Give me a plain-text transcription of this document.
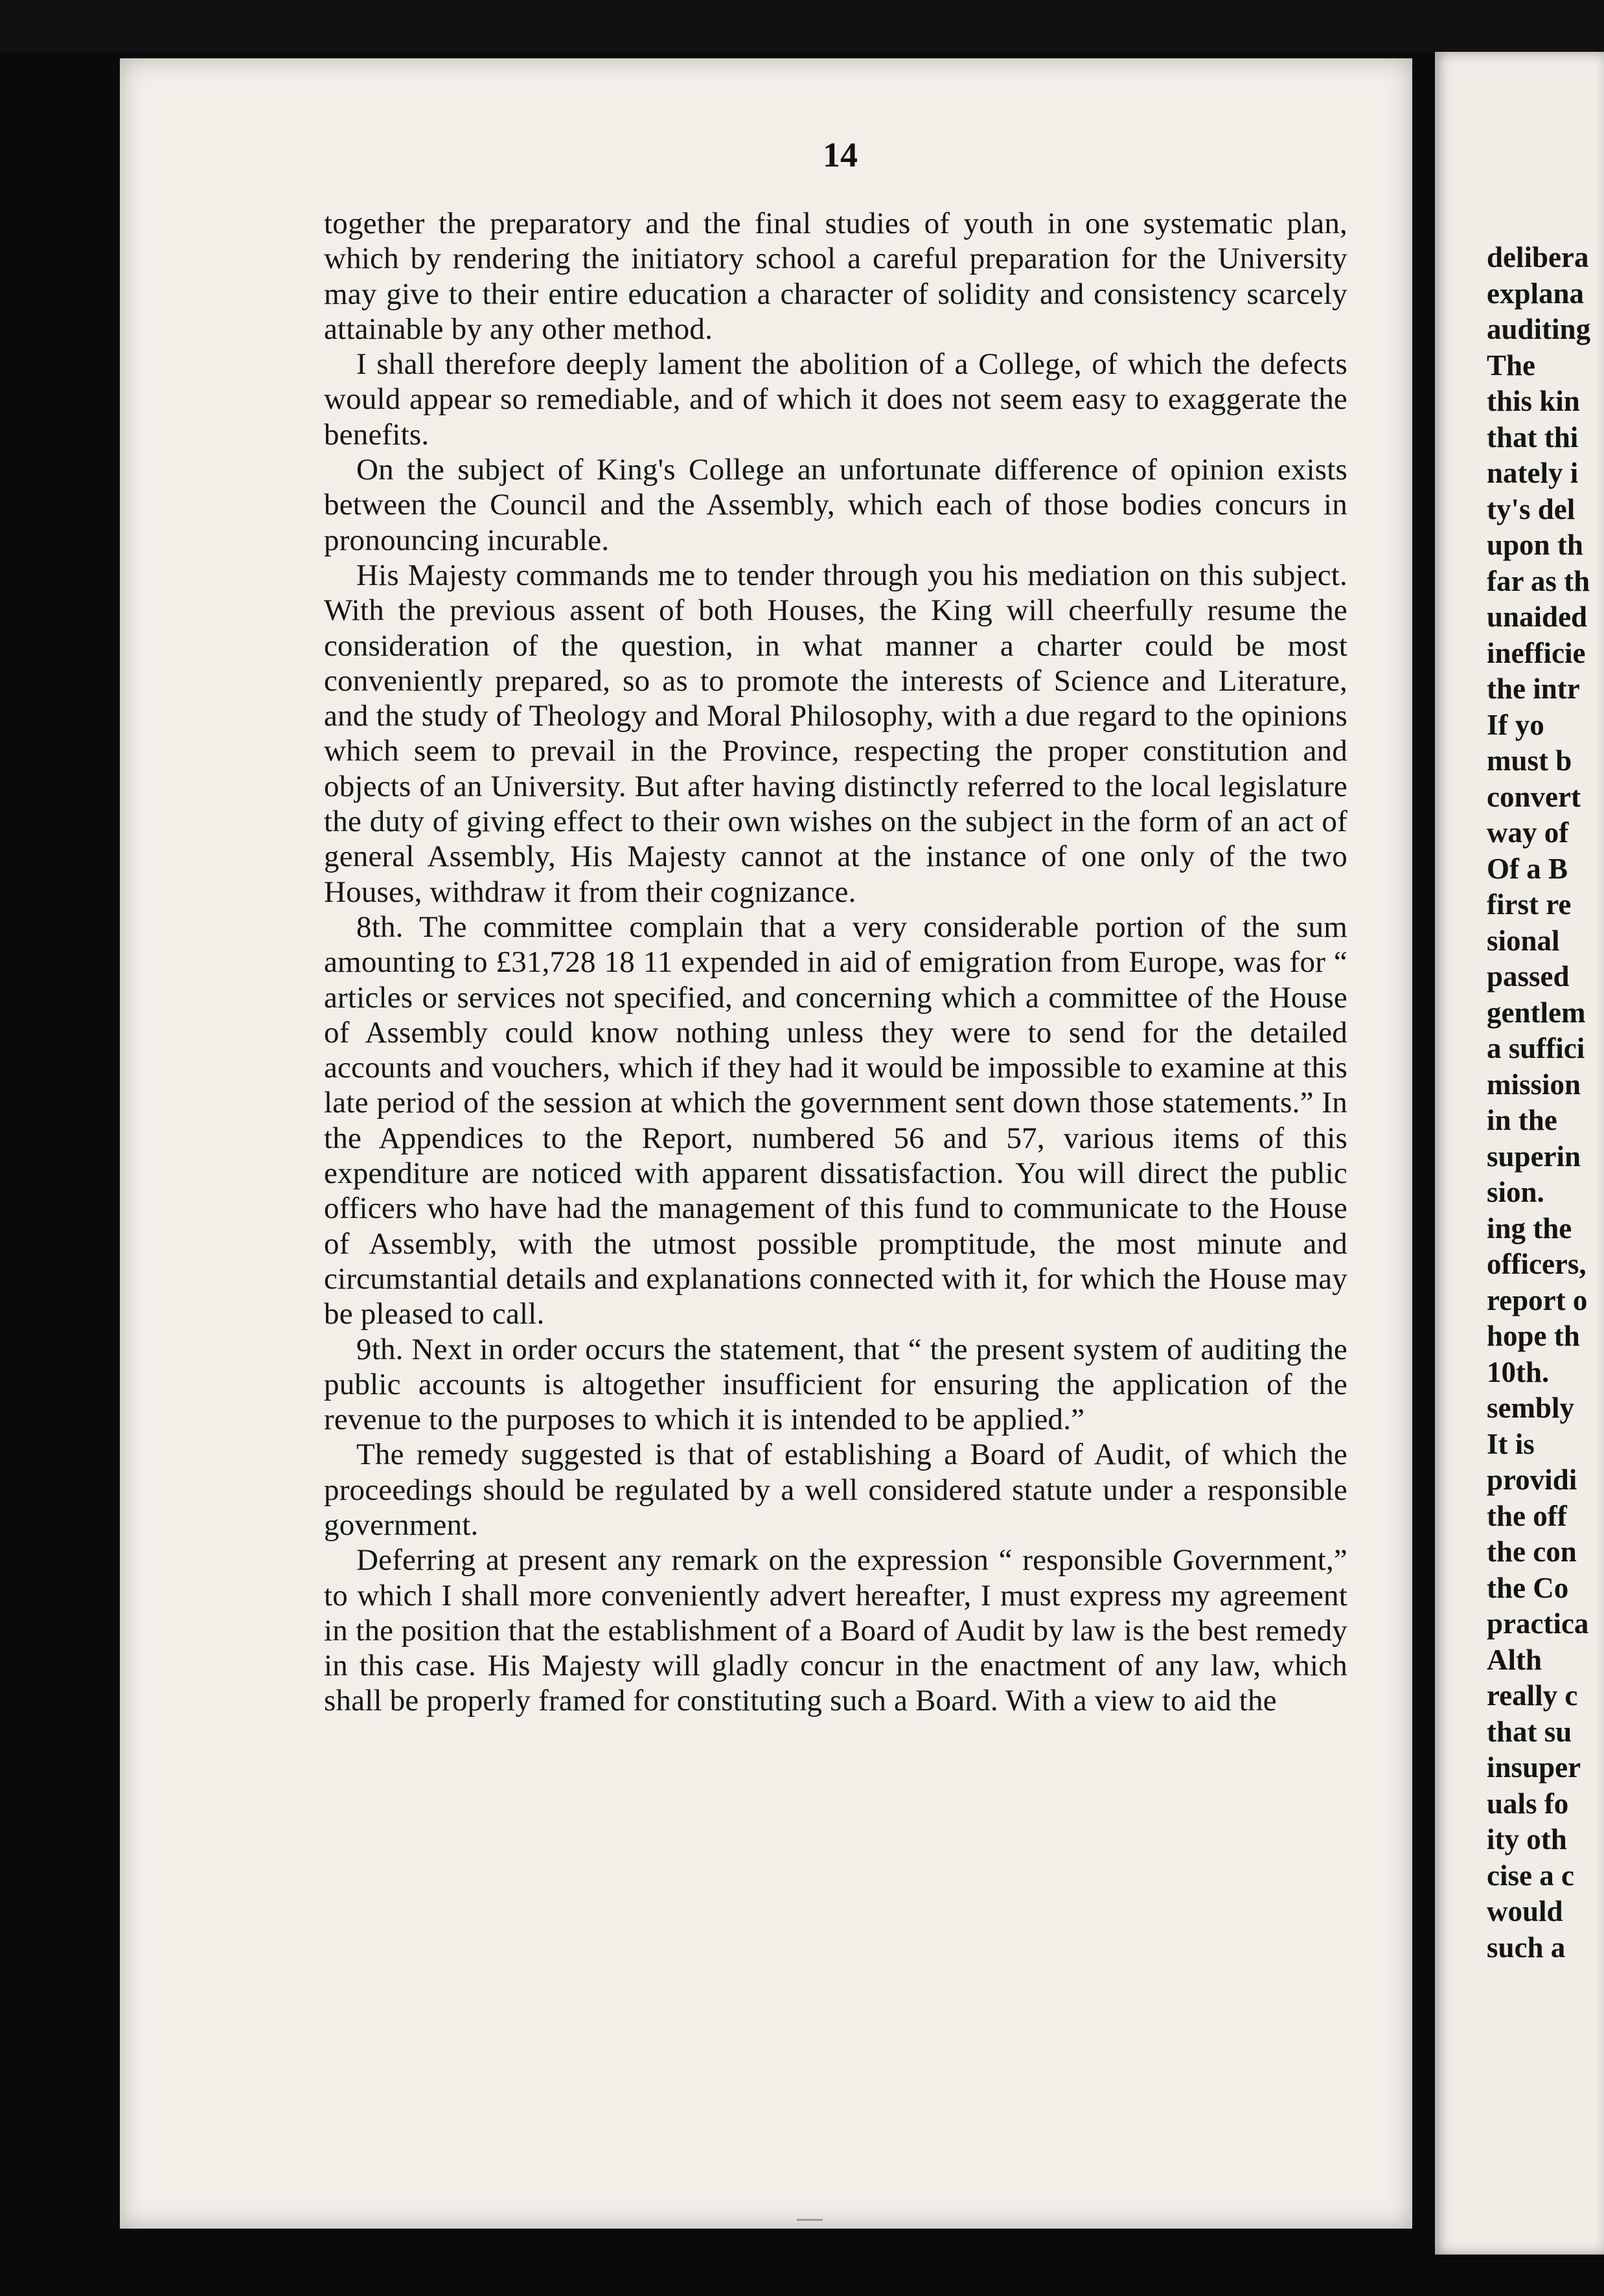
14

together the preparatory and the final studies of youth in one systematic plan, which by rendering the initiatory school a careful preparation for the University may give to their entire education a character of solidity and consistency scarcely attainable by any other method.

I shall therefore deeply lament the abolition of a College, of which the defects would appear so remediable, and of which it does not seem easy to exaggerate the benefits.

On the subject of King's College an unfortunate difference of opinion exists between the Council and the Assembly, which each of those bodies concurs in pronouncing incurable.

His Majesty commands me to tender through you his mediation on this subject. With the previous assent of both Houses, the King will cheerfully resume the consideration of the question, in what manner a charter could be most conveniently prepared, so as to promote the interests of Science and Literature, and the study of Theology and Moral Philosophy, with a due regard to the opinions which seem to prevail in the Province, respecting the proper constitution and objects of an University. But after having distinctly referred to the local legislature the duty of giving effect to their own wishes on the subject in the form of an act of general Assembly, His Majesty cannot at the instance of one only of the two Houses, withdraw it from their cognizance.

8th. The committee complain that a very considerable portion of the sum amounting to £31,728 18 11 expended in aid of emigration from Europe, was for “ articles or services not specified, and concerning which a committee of the House of Assembly could know nothing unless they were to send for the detailed accounts and vouchers, which if they had it would be impossible to examine at this late period of the session at which the government sent down those statements.” In the Appendices to the Report, numbered 56 and 57, various items of this expenditure are noticed with apparent dissatisfaction. You will direct the public officers who have had the management of this fund to communicate to the House of Assembly, with the utmost possible promptitude, the most minute and circumstantial details and explanations connected with it, for which the House may be pleased to call.

9th. Next in order occurs the statement, that “ the present system of auditing the public accounts is altogether insufficient for ensuring the application of the revenue to the purposes to which it is intended to be applied.”

The remedy suggested is that of establishing a Board of Audit, of which the proceedings should be regulated by a well considered statute under a responsible government.

Deferring at present any remark on the expression “ responsible Government,” to which I shall more conveniently advert hereafter, I must express my agreement in the position that the establishment of a Board of Audit by law is the best remedy in this case. His Majesty will gladly concur in the enactment of any law, which shall be properly framed for constituting such a Board. With a view to aid the

delibera
explana
auditing
The
this kin
that thi
nately i
ty's del
upon th
far as th
unaided
inefficie
the intr
If yo
must b
convert
way of
Of a B
first re
sional
passed
gentlem
a suffici
mission
in the
superin
sion.
ing the
officers,
report o
hope th
10th.
sembly
It is
providi
the off
the con
the Co
practica
Alth
really c
that su
insuper
uals fo
ity oth
cise a c
would
such a
